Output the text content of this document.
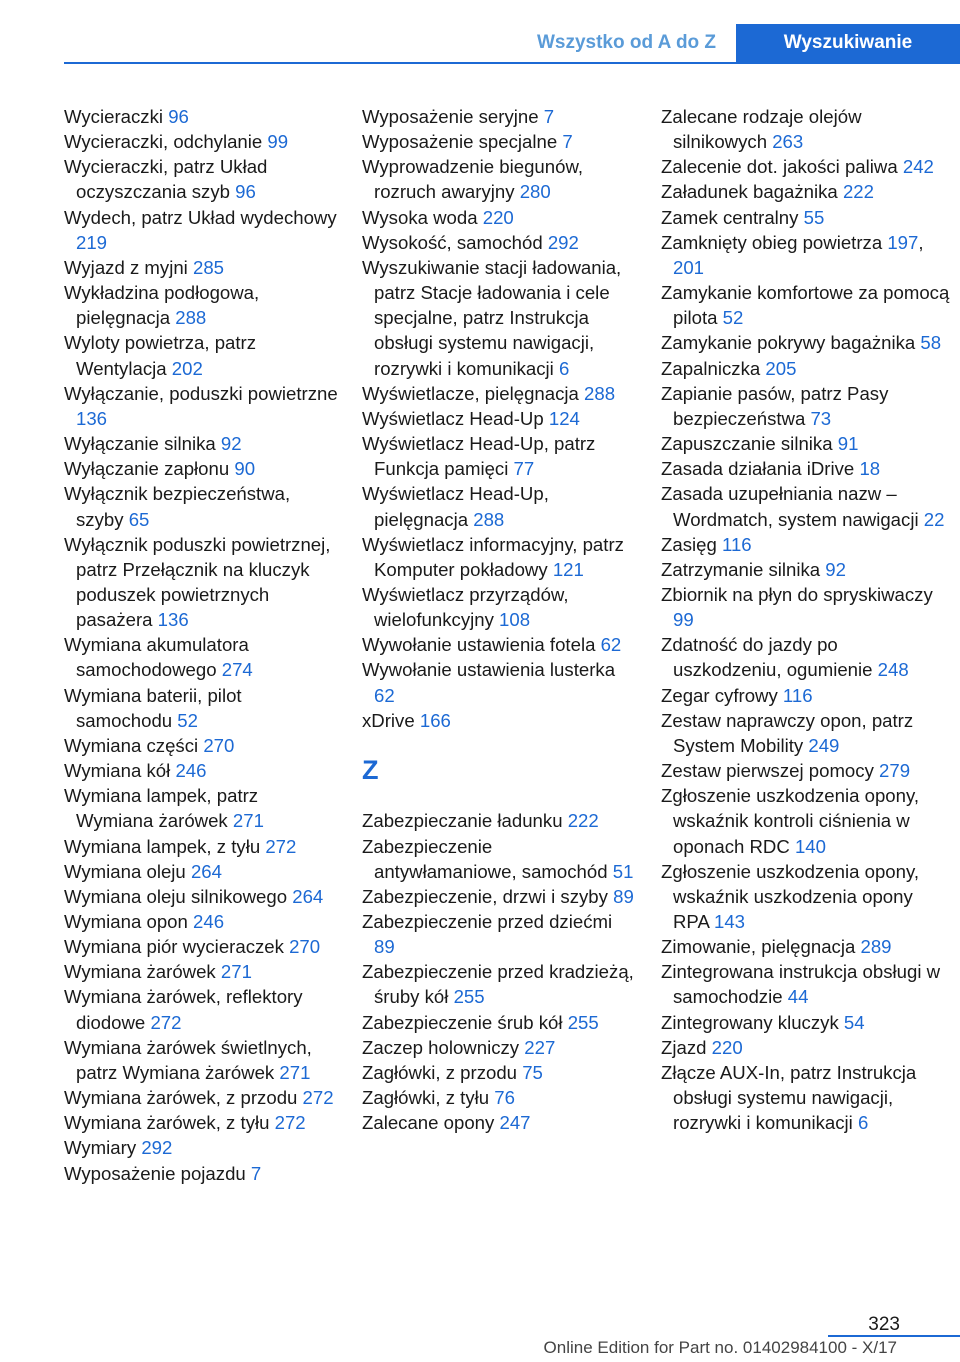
Wszystko od A do Z	Wyszukiwanie
Wycieraczki 96
Wycieraczki, odchylanie 99
Wycieraczki, patrz Układ oczyszczania szyb 96
Wydech, patrz Układ wydechowy 219
Wyjazd z myjni 285
Wykładzina podłogowa, pielęgnacja 288
Wyloty powietrza, patrz Wentylacja 202
Wyłączanie, poduszki powietrzne 136
Wyłączanie silnika 92
Wyłączanie zapłonu 90
Wyłącznik bezpieczeństwa, szyby 65
Wyłącznik poduszki powietrznej, patrz Przełącznik na kluczyk poduszek powietrznych pasażera 136
Wymiana akumulatora samochodowego 274
Wymiana baterii, pilot samochodu 52
Wymiana części 270
Wymiana kół 246
Wymiana lampek, patrz Wymiana żarówek 271
Wymiana lampek, z tyłu 272
Wymiana oleju 264
Wymiana oleju silnikowego 264
Wymiana opon 246
Wymiana piór wycieraczek 270
Wymiana żarówek 271
Wymiana żarówek, reflektory diodowe 272
Wymiana żarówek świetlnych, patrz Wymiana żarówek 271
Wymiana żarówek, z przodu 272
Wymiana żarówek, z tyłu 272
Wymiary 292
Wyposażenie pojazdu 7
Wyposażenie seryjne 7
Wyposażenie specjalne 7
Wyprowadzenie biegunów, rozruch awaryjny 280
Wysoka woda 220
Wysokość, samochód 292
Wyszukiwanie stacji ładowania, patrz Stacje ładowania i cele specjalne, patrz Instrukcja obsługi systemu nawigacji, rozrywki i komunikacji 6
Wyświetlacze, pielęgnacja 288
Wyświetlacz Head-Up 124
Wyświetlacz Head-Up, patrz Funkcja pamięci 77
Wyświetlacz Head-Up, pielęgnacja 288
Wyświetlacz informacyjny, patrz Komputer pokładowy 121
Wyświetlacz przyrządów, wielofunkcyjny 108
Wywołanie ustawienia fotela 62
Wywołanie ustawienia lusterka 62
xDrive 166
Z
Zabezpieczanie ładunku 222
Zabezpieczenie antywłamaniowe, samochód 51
Zabezpieczenie, drzwi i szyby 89
Zabezpieczenie przed dziećmi 89
Zabezpieczenie przed kradzieżą, śruby kół 255
Zabezpieczenie śrub kół 255
Zaczep holowniczy 227
Zagłówki, z przodu 75
Zagłówki, z tyłu 76
Zalecane opony 247
Zalecane rodzaje olejów silnikowych 263
Zalecenie dot. jakości paliwa 242
Załadunek bagażnika 222
Zamek centralny 55
Zamknięty obieg powietrza 197, 201
Zamykanie komfortowe za pomocą pilota 52
Zamykanie pokrywy bagażnika 58
Zapalniczka 205
Zapianie pasów, patrz Pasy bezpieczeństwa 73
Zapuszczanie silnika 91
Zasada działania iDrive 18
Zasada uzupełniania nazw – Wordmatch, system nawigacji 22
Zasięg 116
Zatrzymanie silnika 92
Zbiornik na płyn do spryskiwaczy 99
Zdatność do jazdy po uszkodzeniu, ogumienie 248
Zegar cyfrowy 116
Zestaw naprawczy opon, patrz System Mobility 249
Zestaw pierwszej pomocy 279
Zgłoszenie uszkodzenia opony, wskaźnik kontroli ciśnienia w oponach RDC 140
Zgłoszenie uszkodzenia opony, wskaźnik uszkodzenia opony RPA 143
Zimowanie, pielęgnacja 289
Zintegrowana instrukcja obsługi w samochodzie 44
Zintegrowany kluczyk 54
Zjazd 220
Złącze AUX-In, patrz Instrukcja obsługi systemu nawigacji, rozrywki i komunikacji 6
323
Online Edition for Part no. 01402984100 - X/17
